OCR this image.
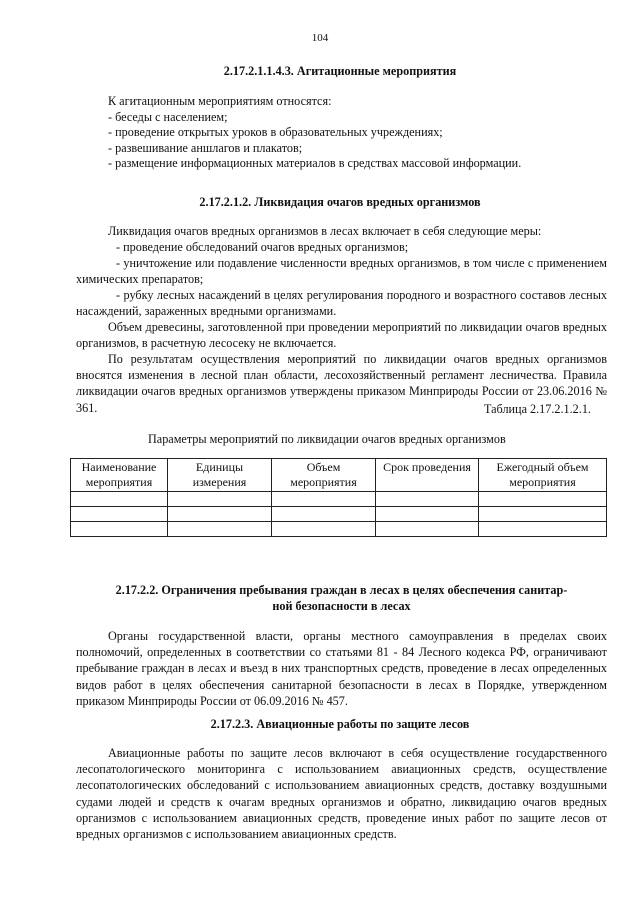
104
2.17.2.1.1.4.3. Агитационные мероприятия
К агитационным мероприятиям относятся:
- беседы с населением;
- проведение открытых уроков в образовательных учреждениях;
- развешивание аншлагов и плакатов;
- размещение информационных материалов в средствах массовой информации.
2.17.2.1.2. Ликвидация очагов вредных организмов
Ликвидация очагов вредных организмов в лесах включает в себя следующие меры:
- проведение обследований очагов вредных организмов;

- уничтожение или подавление численности вредных организмов, в том числе с применением химических препаратов;

- рубку лесных насаждений в целях регулирования породного и возрастного составов лесных насаждений, зараженных вредными организмами.

Объем древесины, заготовленной при проведении мероприятий по ликвидации очагов вредных организмов, в расчетную лесосеку не включается.

По результатам осуществления мероприятий по ликвидации очагов вредных организмов вносятся изменения в лесной план области, лесохозяйственный регламент лесничества. Правила ликвидации очагов вредных организмов утверждены приказом Минприроды России от 23.06.2016 № 361.	Таблица 2.17.2.1.2.1.
Параметры мероприятий по ликвидации очагов вредных организмов
Наименование мероприятия	Единицы измерения	Объем мероприятия	Срок проведения	Ежегодный объем мероприятия

2.17.2.2. Ограничения пребывания граждан в лесах в целях обеспечения санитар-
ной безопасности в лесах

Органы государственной власти, органы местного самоуправления в пределах своих полномочий, определенных в соответствии со статьями 81 - 84 Лесного кодекса РФ, ограничивают пребывание граждан в лесах и въезд в них транспортных средств, проведение в лесах определенных видов работ в целях обеспечения санитарной безопасности в лесах в Порядке, утвержденном приказом Минприроды России от 06.09.2016 № 457.

2.17.2.3. Авиационные работы по защите лесов

Авиационные работы по защите лесов включают в себя осуществление государственного лесопатологического мониторинга с использованием авиационных средств, осуществление лесопатологических обследований с использованием авиационных средств, доставку воздушными судами людей и средств к очагам вредных организмов и обратно, ликвидацию очагов вредных организмов с использованием авиационных средств, проведение иных работ по защите лесов от вредных организмов с использованием авиационных средств.
